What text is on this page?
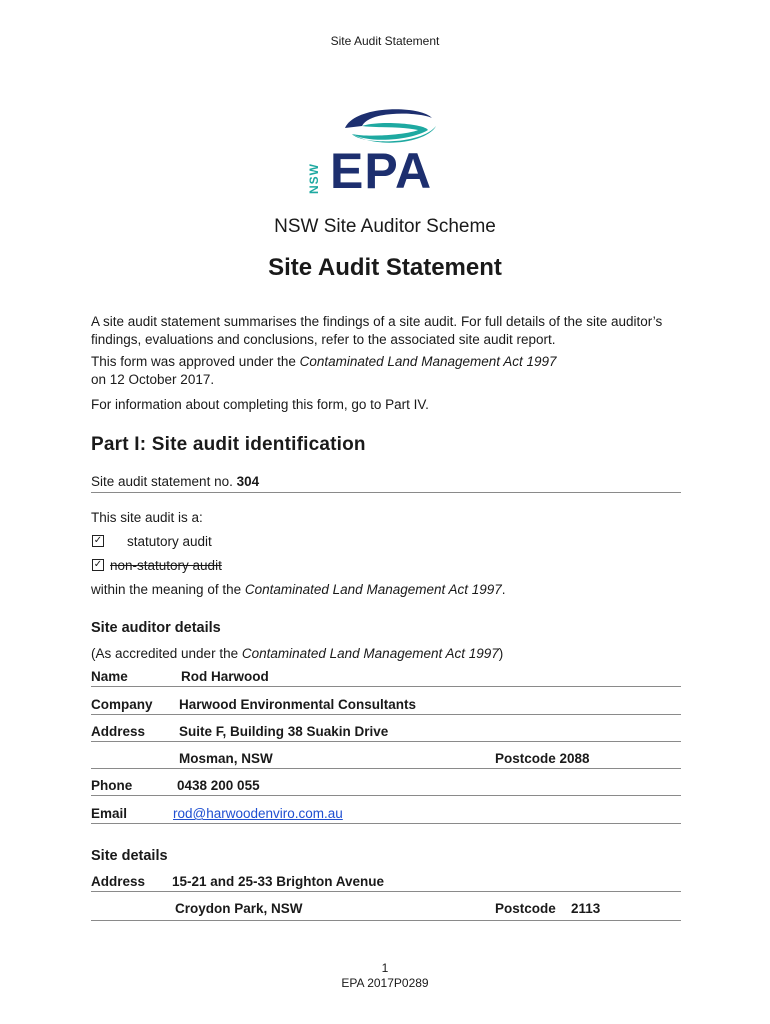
Site Audit Statement
NSW EPA
NSW Site Auditor Scheme
Site Audit Statement
A site audit statement summarises the findings of a site audit. For full details of the site auditor’s findings, evaluations and conclusions, refer to the associated site audit report.
This form was approved under the Contaminated Land Management Act 1997
on 12 October 2017.
For information about completing this form, go to Part IV.
Part I: Site audit identification
Site audit statement no. 304
This site audit is a:
✓ statutory audit
✓ non-statutory audit
within the meaning of the Contaminated Land Management Act 1997.
Site auditor details
(As accredited under the Contaminated Land Management Act 1997)
Name	Rod Harwood
Company Harwood Environmental Consultants
Address	Suite F, Building 38 Suakin Drive
Mosman, NSW	Postcode 2088
Phone	0438 200 055
Email	rod@harwoodenviro.com.au
Site details
Address 15-21 and 25-33 Brighton Avenue
Croydon Park, NSW	Postcode 2113
1
EPA 2017P0289
